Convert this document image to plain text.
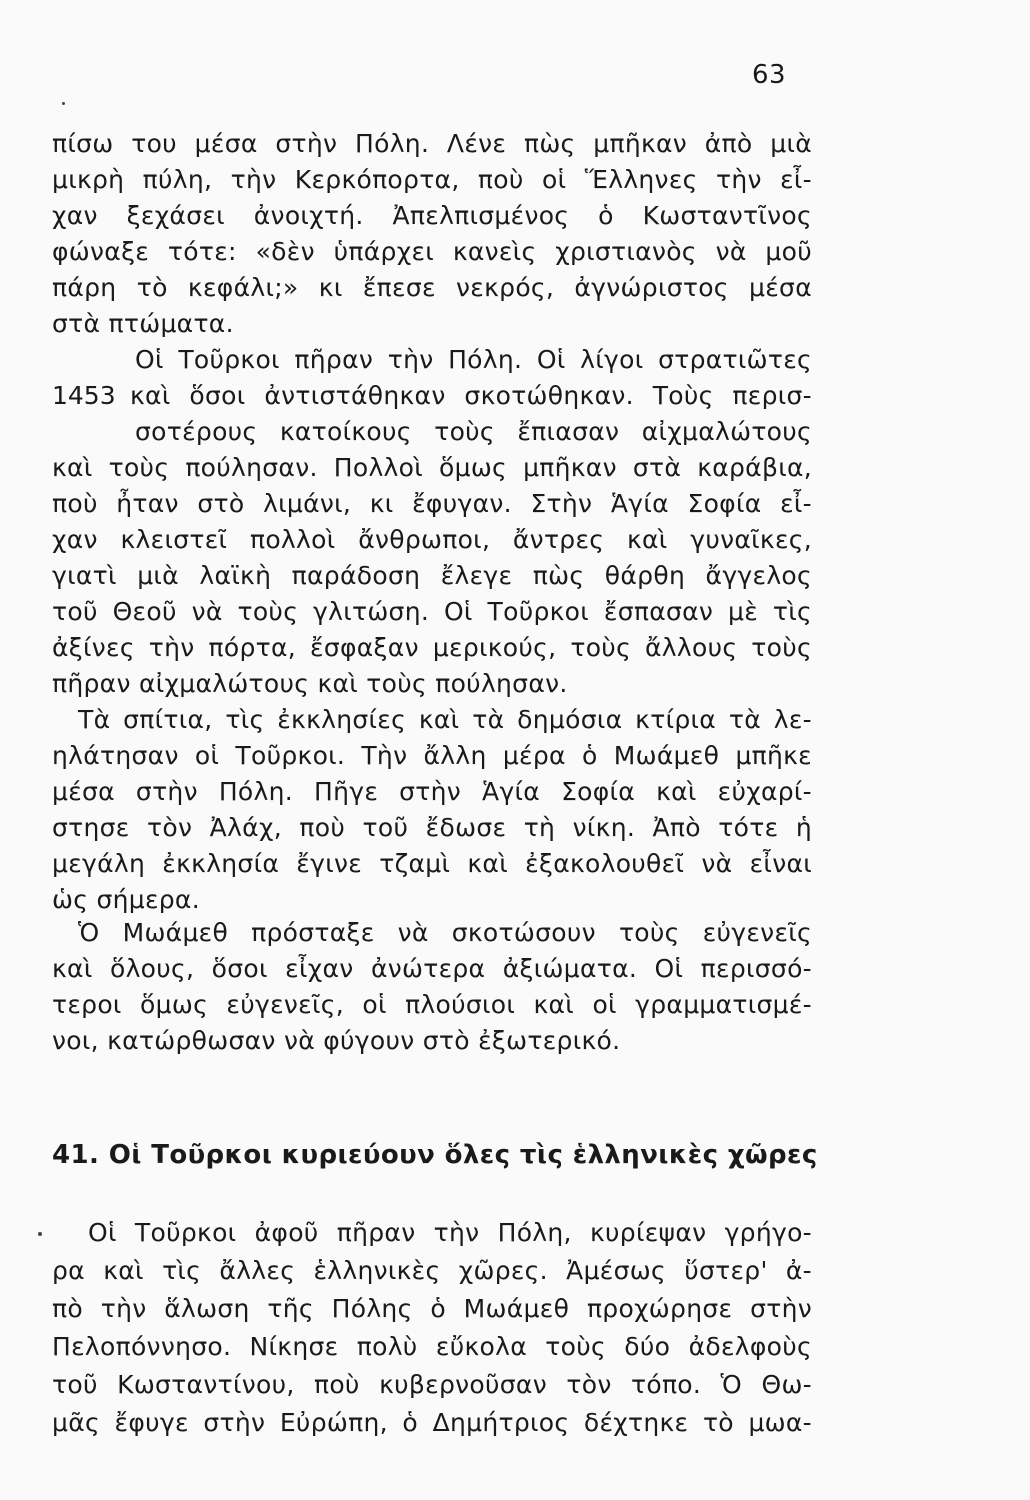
63
πίσω του μέσα στὴν Πόλη. Λένε πὼς μπῆκαν ἀπὸ μιὰ
μικρὴ πύλη, τὴν Κερκόπορτα, ποὺ οἱ Ἕλληνες τὴν εἶ-
χαν ξεχάσει ἀνοιχτή. Ἀπελπισμένος ὁ Κωσταντῖνος
φώναξε τότε: «δὲν ὑπάρχει κανεὶς χριστιανὸς νὰ μοῦ
πάρη τὸ κεφάλι;» κι ἔπεσε νεκρός, ἀγνώριστος μέσα
στὰ πτώματα.
Οἱ Τοῦρκοι πῆραν τὴν Πόλη. Οἱ λίγοι στρατιῶτες
1453 καὶ ὅσοι ἀντιστάθηκαν σκοτώθηκαν. Τοὺς περισ-
σοτέρους κατοίκους τοὺς ἔπιασαν αἰχμαλώτους
καὶ τοὺς πούλησαν. Πολλοὶ ὅμως μπῆκαν στὰ καράβια,
ποὺ ἦταν στὸ λιμάνι, κι ἔφυγαν. Στὴν Ἁγία Σοφία εἶ-
χαν κλειστεῖ πολλοὶ ἄνθρωποι, ἄντρες καὶ γυναῖκες,
γιατὶ μιὰ λαϊκὴ παράδοση ἔλεγε πὼς θάρθη ἄγγελος
τοῦ Θεοῦ νὰ τοὺς γλιτώση. Οἱ Τοῦρκοι ἔσπασαν μὲ τὶς
ἀξίνες τὴν πόρτα, ἔσφαξαν μερικούς, τοὺς ἄλλους τοὺς
πῆραν αἰχμαλώτους καὶ τοὺς πούλησαν.
Τὰ σπίτια, τὶς ἐκκλησίες καὶ τὰ δημόσια κτίρια τὰ λε-
ηλάτησαν οἱ Τοῦρκοι. Τὴν ἄλλη μέρα ὁ Μωάμεθ μπῆκε
μέσα στὴν Πόλη. Πῆγε στὴν Ἁγία Σοφία καὶ εὐχαρί-
στησε τὸν Ἀλάχ, ποὺ τοῦ ἔδωσε τὴ νίκη. Ἀπὸ τότε ἡ
μεγάλη ἐκκλησία ἔγινε τζαμὶ καὶ ἐξακολουθεῖ νὰ εἶναι
ὡς σήμερα.
Ὁ Μωάμεθ πρόσταξε νὰ σκοτώσουν τοὺς εὐγενεῖς
καὶ ὅλους, ὅσοι εἶχαν ἀνώτερα ἀξιώματα. Οἱ περισσό-
τεροι ὅμως εὐγενεῖς, οἱ πλούσιοι καὶ οἱ γραμματισμέ-
νοι, κατώρθωσαν νὰ φύγουν στὸ ἐξωτερικό.
41. Οἱ Τοῦρκοι κυριεύουν ὅλες τὶς ἑλληνικὲς χῶρες
Οἱ Τοῦρκοι ἀφοῦ πῆραν τὴν Πόλη, κυρίεψαν γρήγο-
ρα καὶ τὶς ἄλλες ἑλληνικὲς χῶρες. Ἀμέσως ὕστερ' ἀ-
πὸ τὴν ἅλωση τῆς Πόλης ὁ Μωάμεθ προχώρησε στὴν
Πελοπόννησο. Νίκησε πολὺ εὔκολα τοὺς δύο ἀδελφοὺς
τοῦ Κωσταντίνου, ποὺ κυβερνοῦσαν τὸν τόπο. Ὁ Θω-
μᾶς ἔφυγε στὴν Εὐρώπη, ὁ Δημήτριος δέχτηκε τὸ μωα-
